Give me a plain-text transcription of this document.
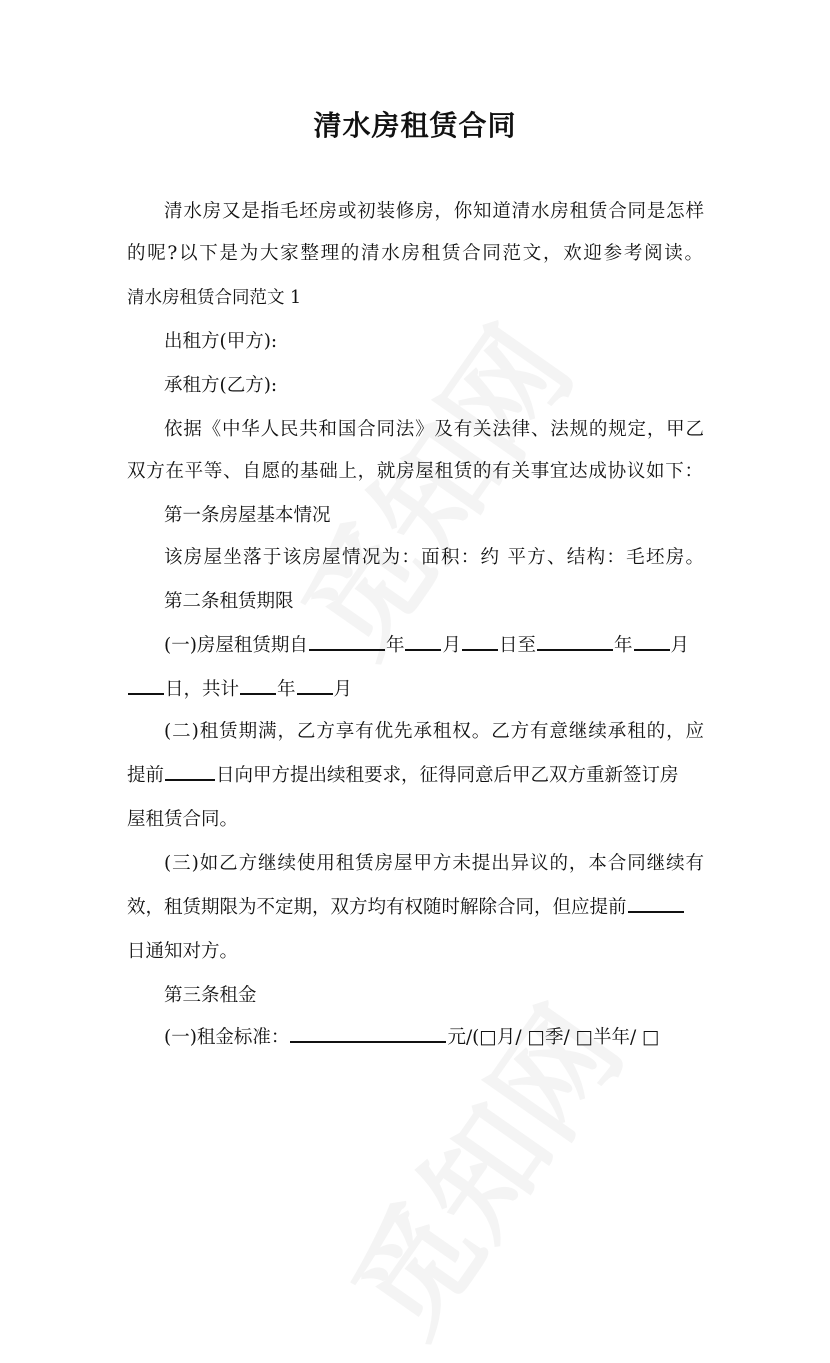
清水房租赁合同
清水房又是指毛坯房或初装修房，你知道清水房租赁合同是怎样
的呢?以下是为大家整理的清水房租赁合同范文，欢迎参考阅读。
清水房租赁合同范文 1
出租方(甲方):
承租方(乙方):
依据《中华人民共和国合同法》及有关法律、法规的规定，甲乙
双方在平等、自愿的基础上，就房屋租赁的有关事宜达成协议如下：
第一条房屋基本情况
该房屋坐落于该房屋情况为：面积：约 平方、结构：毛坯房。
第二条租赁期限
(一)房屋租赁期自	年 月 日至	年 月
日，共计 年 月
(二)租赁期满，乙方享有优先承租权。乙方有意继续承租的，应
提前	日向甲方提出续租要求，征得同意后甲乙双方重新签订房
屋租赁合同。
(三)如乙方继续使用租赁房屋甲方未提出异议的，本合同继续有
效，租赁期限为不定期，双方均有权随时解除合同，但应提前
日通知对方。
第三条租金
(一)租金标准：	元/(□月/ □季/ □半年/ □
